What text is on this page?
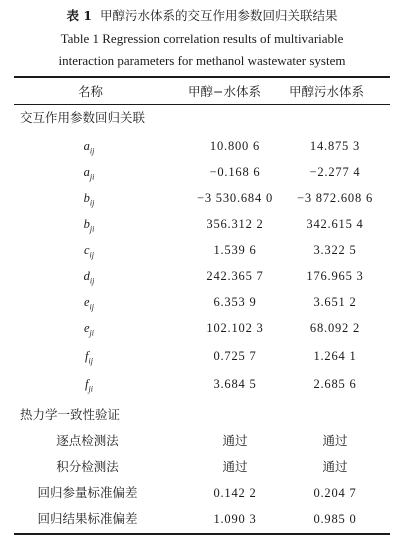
表 1 甲醇污水体系的交互作用参数回归关联结果
Table 1 Regression correlation results of multivariable
interaction parameters for methanol wastewater system
名称	甲醇−水体系 甲醇污水体系
交互作用参数回归关联
$a_{ij}$	10.800 6	14.875 3
$a_{ji}$	−0.168 6	−2.277 4
$b_{ij}$	−3 530.684 0	−3 872.608 6
$b_{ji}$	356.312 2	342.615 4
$c_{ij}$	1.539 6	3.322 5
$d_{ij}$	242.365 7	176.965 3
$e_{ij}$	6.353 9	3.651 2
$e_{ji}$	102.102 3	68.092 2
$f_{ij}$	0.725 7	1.264 1
$f_{ji}$	3.684 5	2.685 6
热力学一致性验证
逐点检测法	通过	通过
积分检测法	通过	通过
回归参量标准偏差	0.142 2	0.204 7
回归结果标准偏差	1.090 3	0.985 0
